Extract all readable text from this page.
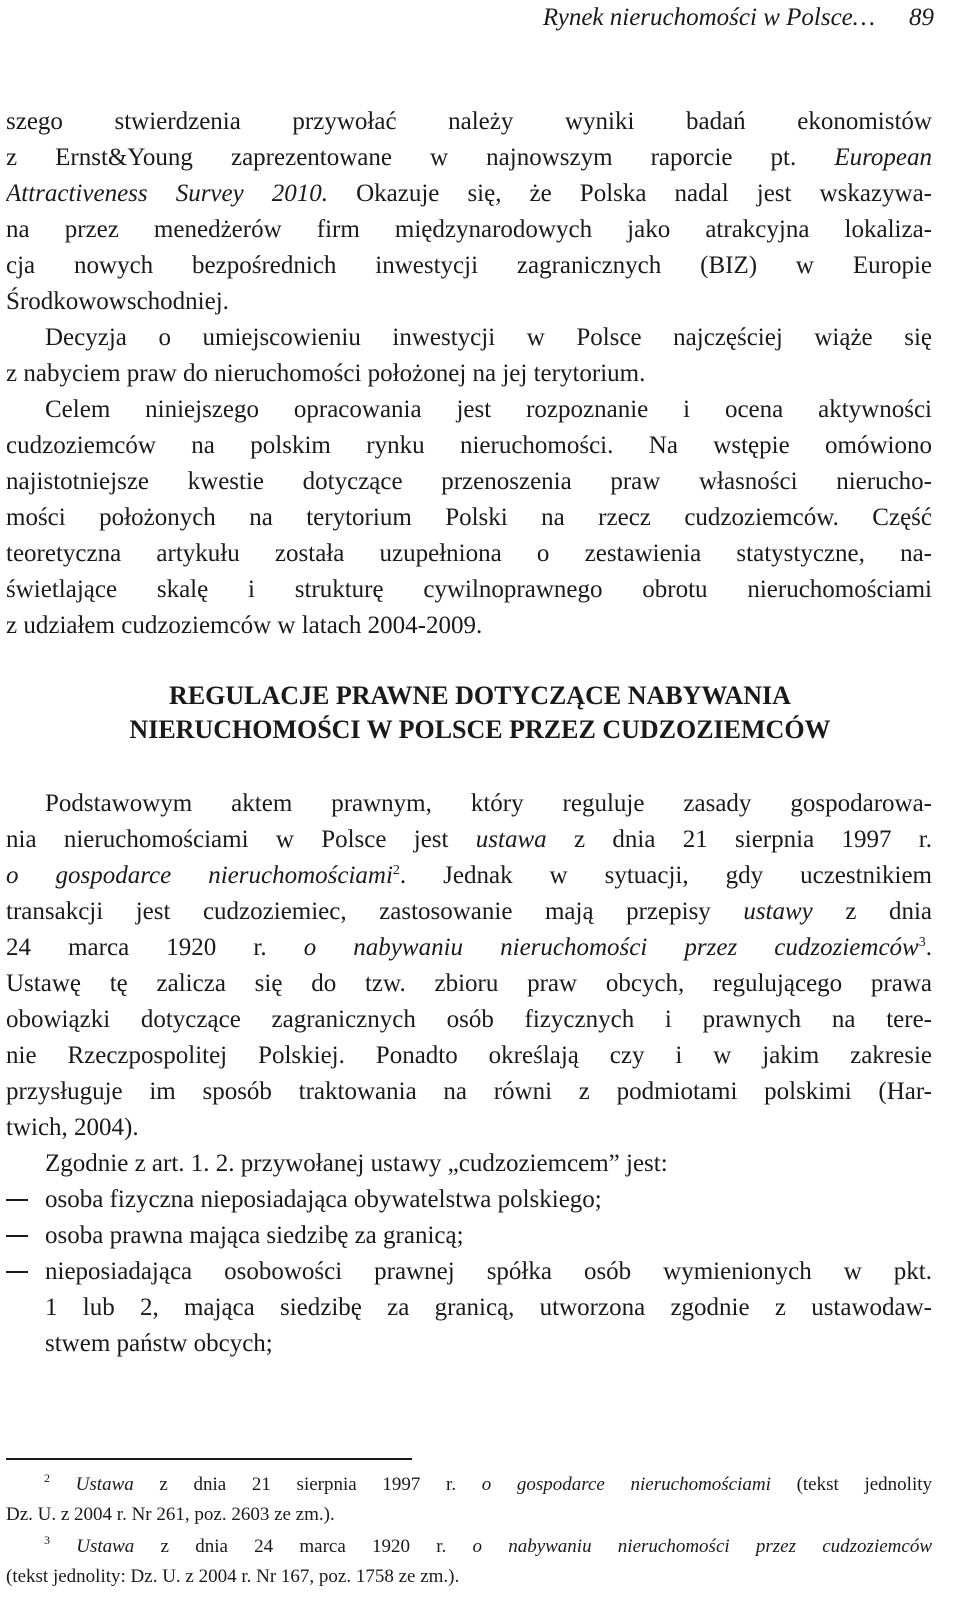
Rynek nieruchomości w Polsce… 89
szego stwierdzenia przywołać należy wyniki badań ekonomistów
z Ernst&Young zaprezentowane w najnowszym raporcie pt. European
Attractiveness Survey 2010. Okazuje się, że Polska nadal jest wskazywa-
na przez menedżerów firm międzynarodowych jako atrakcyjna lokaliza-
cja nowych bezpośrednich inwestycji zagranicznych (BIZ) w Europie
Środkowowschodniej.
Decyzja o umiejscowieniu inwestycji w Polsce najczęściej wiąże się
z nabyciem praw do nieruchomości położonej na jej terytorium.
Celem niniejszego opracowania jest rozpoznanie i ocena aktywności
cudzoziemców na polskim rynku nieruchomości. Na wstępie omówiono
najistotniejsze kwestie dotyczące przenoszenia praw własności nierucho-
mości położonych na terytorium Polski na rzecz cudzoziemców. Część
teoretyczna artykułu została uzupełniona o zestawienia statystyczne, na-
świetlające skalę i strukturę cywilnoprawnego obrotu nieruchomościami
z udziałem cudzoziemców w latach 2004-2009.
REGULACJE PRAWNE DOTYCZĄCE NABYWANIA
NIERUCHOMOŚCI W POLSCE PRZEZ CUDZOZIEMCÓW
Podstawowym aktem prawnym, który reguluje zasady gospodarowa-
nia nieruchomościami w Polsce jest ustawa z dnia 21 sierpnia 1997 r.
o gospodarce nieruchomościami$^2$. Jednak w sytuacji, gdy uczestnikiem
transakcji jest cudzoziemiec, zastosowanie mają przepisy ustawy z dnia
24 marca 1920 r. o nabywaniu nieruchomości przez cudzoziemców$^3$.
Ustawę tę zalicza się do tzw. zbioru praw obcych, regulującego prawa
obowiązki dotyczące zagranicznych osób fizycznych i prawnych na tere-
nie Rzeczpospolitej Polskiej. Ponadto określają czy i w jakim zakresie
przysługuje im sposób traktowania na równi z podmiotami polskimi (Har-
twich, 2004).
Zgodnie z art. 1. 2. przywołanej ustawy „cudzoziemcem” jest:
osoba fizyczna nieposiadająca obywatelstwa polskiego;
osoba prawna mająca siedzibę za granicą;
nieposiadająca osobowości prawnej spółka osób wymienionych w pkt.
1 lub 2, mająca siedzibę za granicą, utworzona zgodnie z ustawodaw-
stwem państw obcych;
$^2$ Ustawa z dnia 21 sierpnia 1997 r. o gospodarce nieruchomościami (tekst jednolity
Dz. U. z 2004 r. Nr 261, poz. 2603 ze zm.).
$^3$ Ustawa z dnia 24 marca 1920 r. o nabywaniu nieruchomości przez cudzoziemców
(tekst jednolity: Dz. U. z 2004 r. Nr 167, poz. 1758 ze zm.).
